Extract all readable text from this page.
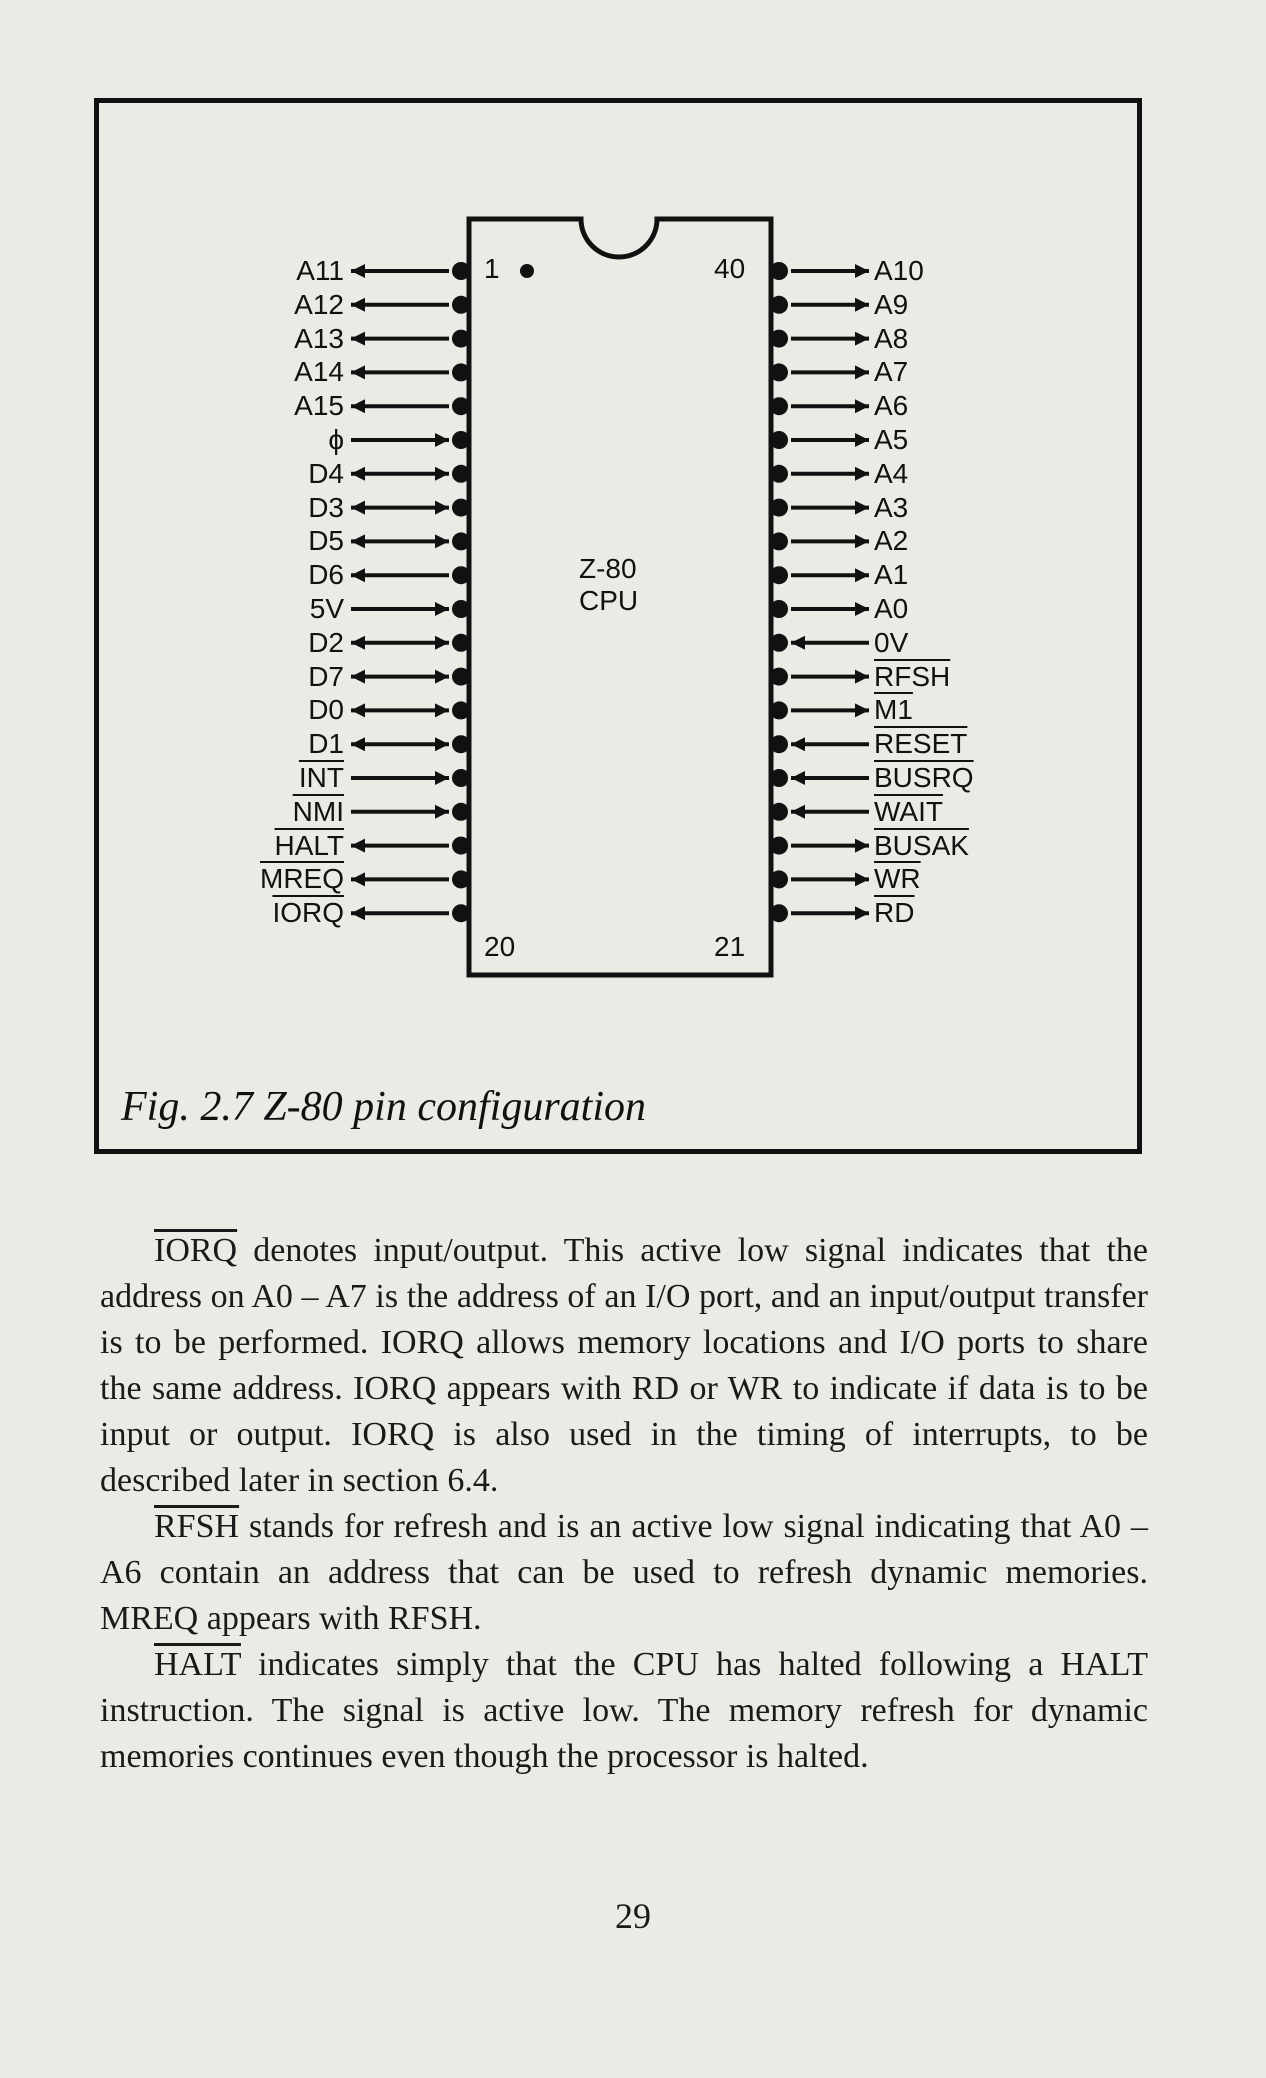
1	40
20	21
Z-80
CPU
A11
A12
A13
A14
A15
ϕ
D4
D3
D5
D6
5V
D2
D7
D0
D1
$\overline{INT}$
$\overline{NMI}$
HALT
MREQ
IORQ
A10
A9
A8
A7
A6
A5
A4
A3
A2
A1
A0
0V
RFSH
M1
RESET
BUSRQ
WAIT
BUSAK
$\overline{WR}$
$\overline{RD}$
Fig. 2.7 Z-80 pin configuration

IORQ denotes input/output. This active low signal indicates that the address on A0 – A7 is the address of an I/O port, and an input/output transfer is to be performed. IORQ allows memory locations and I/O ports to share the same address. IORQ appears with RD or WR to indicate if data is to be input or output. IORQ is also used in the timing of interrupts, to be described later in section 6.4.

RFSH stands for refresh and is an active low signal indicating that A0 – A6 contain an address that can be used to refresh dynamic memories. MREQ appears with RFSH.

HALT indicates simply that the CPU has halted following a HALT instruction. The signal is active low. The memory refresh for dynamic memories continues even though the processor is halted.

29
